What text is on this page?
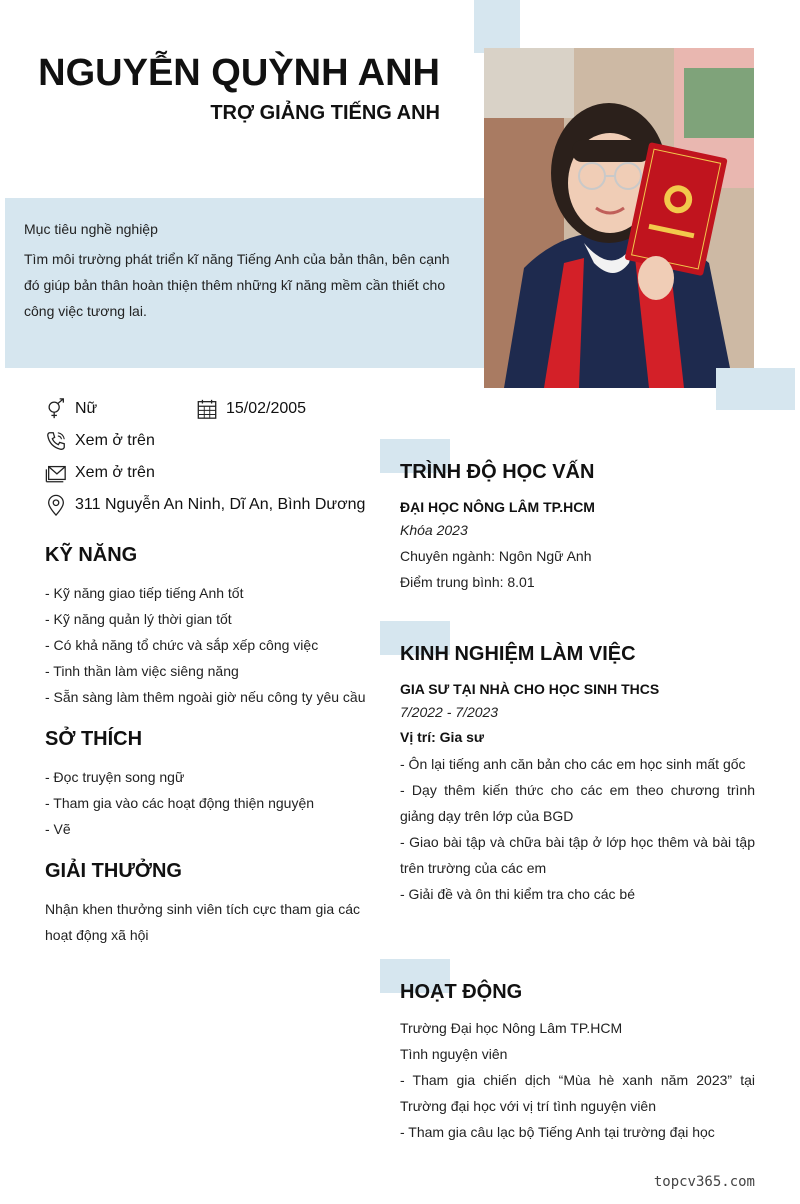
NGUYỄN QUỲNH ANH
TRỢ GIẢNG TIẾNG ANH
Mục tiêu nghề nghiệp
Tìm môi trường phát triển kĩ năng Tiếng Anh của bản thân, bên cạnh đó giúp bản thân hoàn thiện thêm những kĩ năng mềm cần thiết cho công việc tương lai.
Nữ	15/02/2005
Xem ở trên
Xem ở trên
311 Nguyễn An Ninh, Dĩ An, Bình Dương
KỸ NĂNG
- Kỹ năng giao tiếp tiếng Anh tốt
- Kỹ năng quản lý thời gian tốt
- Có khả năng tổ chức và sắp xếp công việc
- Tinh thần làm việc siêng năng
- Sẵn sàng làm thêm ngoài giờ nếu công ty yêu cầu
SỞ THÍCH
- Đọc truyện song ngữ
- Tham gia vào các hoạt động thiện nguyện
- Vẽ
GIẢI THƯỞNG
Nhận khen thưởng sinh viên tích cực tham gia các hoạt động xã hội
TRÌNH ĐỘ HỌC VẤN
ĐẠI HỌC NÔNG LÂM TP.HCM
Khóa 2023
Chuyên ngành: Ngôn Ngữ Anh
Điểm trung bình: 8.01
KINH NGHIỆM LÀM VIỆC
GIA SƯ TẠI NHÀ CHO HỌC SINH THCS
7/2022 - 7/2023
Vị trí: Gia sư
- Ôn lại tiếng anh căn bản cho các em học sinh mất gốc
- Dạy thêm kiến thức cho các em theo chương trình giảng dạy trên lớp của BGD
- Giao bài tập và chữa bài tập ở lớp học thêm và bài tập trên trường của các em
- Giải đề và ôn thi kiểm tra cho các bé
HOẠT ĐỘNG
Trường Đại học Nông Lâm TP.HCM
Tình nguyện viên
- Tham gia chiến dịch “Mùa hè xanh năm 2023” tại Trường đại học với vị trí tình nguyện viên
- Tham gia câu lạc bộ Tiếng Anh tại trường đại học
topcv365.com
